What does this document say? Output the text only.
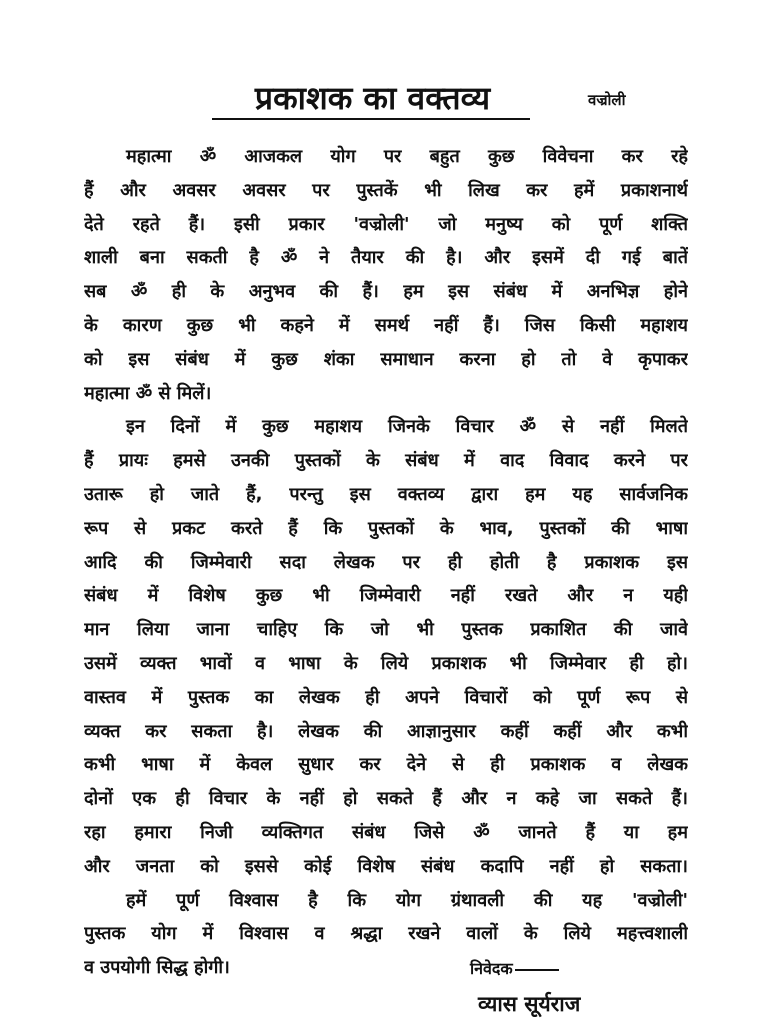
प्रकाशक का वक्तव्य	वज्रोली
महात्मा ॐ आजकल योग पर बहुत कुछ विवेचना कर रहे
हैं और अवसर अवसर पर पुस्तकें भी लिख कर हमें प्रकाशनार्थ
देते रहते हैं। इसी प्रकार 'वज्रोली' जो मनुष्य को पूर्ण शक्ति
शाली बना सकती है ॐ ने तैयार की है। और इसमें दी गई बातें
सब ॐ ही के अनुभव की हैं। हम इस संबंध में अनभिज्ञ होने
के कारण कुछ भी कहने में समर्थ नहीं हैं। जिस किसी महाशय
को इस संबंध में कुछ शंका समाधान करना हो तो वे कृपाकर
महात्मा ॐ से मिलें।
इन दिनों में कुछ महाशय जिनके विचार ॐ से नहीं मिलते
हैं प्रायः हमसे उनकी पुस्तकों के संबंध में वाद विवाद करने पर
उतारू हो जाते हैं, परन्तु इस वक्तव्य द्वारा हम यह सार्वजनिक
रूप से प्रकट करते हैं कि पुस्तकों के भाव, पुस्तकों की भाषा
आदि की जिम्मेवारी सदा लेखक पर ही होती है प्रकाशक इस
संबंध में विशेष कुछ भी जिम्मेवारी नहीं रखते और न यही
मान लिया जाना चाहिए कि जो भी पुस्तक प्रकाशित की जावे
उसमें व्यक्त भावों व भाषा के लिये प्रकाशक भी जिम्मेवार ही हो।
वास्तव में पुस्तक का लेखक ही अपने विचारों को पूर्ण रूप से
व्यक्त कर सकता है। लेखक की आज्ञानुसार कहीं कहीं और कभी
कभी भाषा में केवल सुधार कर देने से ही प्रकाशक व लेखक
दोनों एक ही विचार के नहीं हो सकते हैं और न कहे जा सकते हैं।
रहा हमारा निजी व्यक्तिगत संबंध जिसे ॐ जानते हैं या हम
और जनता को इससे कोई विशेष संबंध कदापि नहीं हो सकता।
हमें पूर्ण विश्वास है कि योग ग्रंथावली की यह 'वज्रोली'
पुस्तक योग में विश्वास व श्रद्धा रखने वालों के लिये महत्त्वशाली
व उपयोगी सिद्ध होगी।	निवेदक
व्यास सूर्यराज
